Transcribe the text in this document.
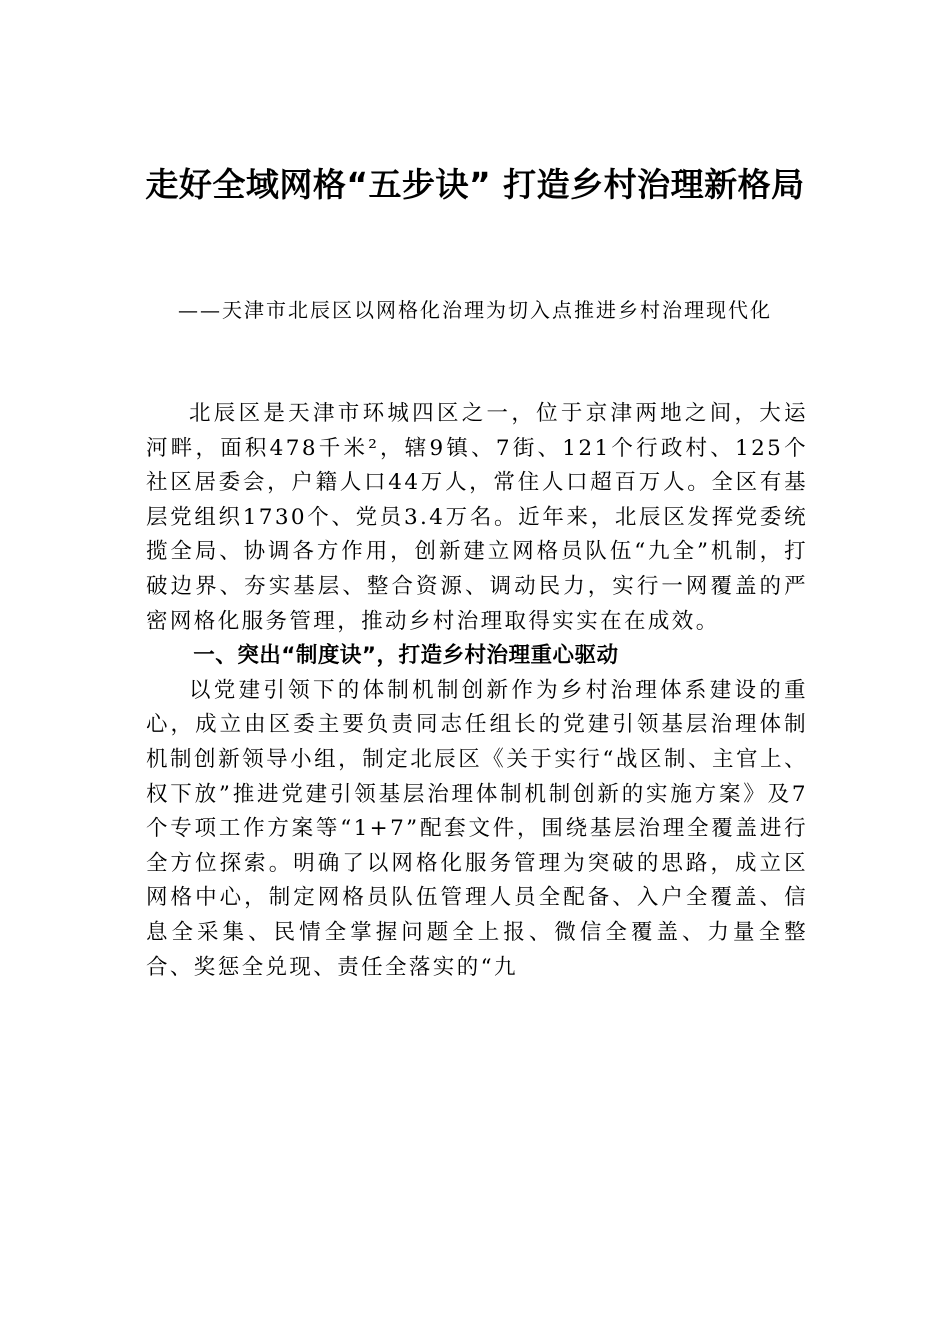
走好全域网格“五步诀” 打造乡村治理新格局
——天津市北辰区以网格化治理为切入点推进乡村治理现代化

北辰区是天津市环城四区之一，位于京津两地之间，大运河畔，面积478千米²，辖9镇、7街、121个行政村、125个社区居委会，户籍人口44万人，常住人口超百万人。全区有基层党组织1730个、党员3.4万名。近年来，北辰区发挥党委统揽全局、协调各方作用，创新建立网格员队伍“九全”机制，打破边界、夯实基层、整合资源、调动民力，实行一网覆盖的严密网格化服务管理，推动乡村治理取得实实在在成效。

一、突出“制度诀”，打造乡村治理重心驱动

以党建引领下的体制机制创新作为乡村治理体系建设的重心，成立由区委主要负责同志任组长的党建引领基层治理体制机制创新领导小组，制定北辰区《关于实行“战区制、主官上、权下放”推进党建引领基层治理体制机制创新的实施方案》及7个专项工作方案等“1+7”配套文件，围绕基层治理全覆盖进行全方位探索。明确了以网格化服务管理为突破的思路，成立区网格中心，制定网格员队伍管理人员全配备、入户全覆盖、信息全采集、民情全掌握问题全上报、微信全覆盖、力量全整合、奖惩全兑现、责任全落实的“九
